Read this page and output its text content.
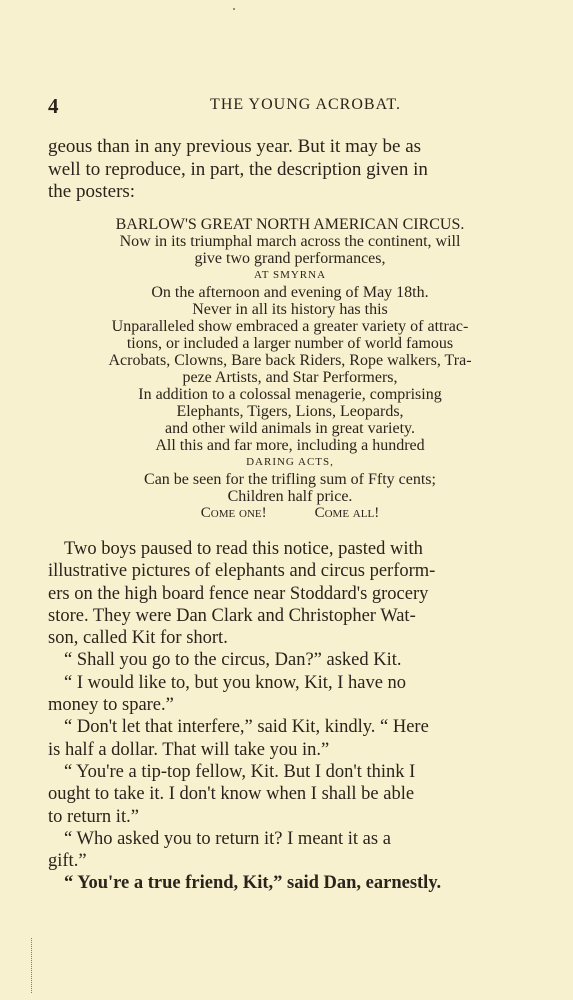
4	THE YOUNG ACROBAT.
geous than in any previous year. But it may be as
well to reproduce, in part, the description given in
the posters:
BARLOW'S GREAT NORTH AMERICAN CIRCUS.
Now in its triumphal march across the continent, will
give two grand performances,
AT SMYRNA
On the afternoon and evening of May 18th.
Never in all its history has this
Unparalleled show embraced a greater variety of attrac-
tions, or included a larger number of world famous
Acrobats, Clowns, Bare back Riders, Rope walkers, Tra-
peze Artists, and Star Performers,
In addition to a colossal menagerie, comprising
Elephants, Tigers, Lions, Leopards,
and other wild animals in great variety.
All this and far more, including a hundred
DARING ACTS,
Can be seen for the trifling sum of Ffty cents;
Children half price.
Come one!	Come all!
Two boys paused to read this notice, pasted with
illustrative pictures of elephants and circus perform-
ers on the high board fence near Stoddard's grocery
store. They were Dan Clark and Christopher Wat-
son, called Kit for short.
“ Shall you go to the circus, Dan?” asked Kit.
“ I would like to, but you know, Kit, I have no
money to spare.”
“ Don't let that interfere,” said Kit, kindly. “ Here
is half a dollar. That will take you in.”
“ You're a tip-top fellow, Kit. But I don't think I
ought to take it. I don't know when I shall be able
to return it.”
“ Who asked you to return it? I meant it as a
gift.”
“ You're a true friend, Kit,” said Dan, earnestly.
